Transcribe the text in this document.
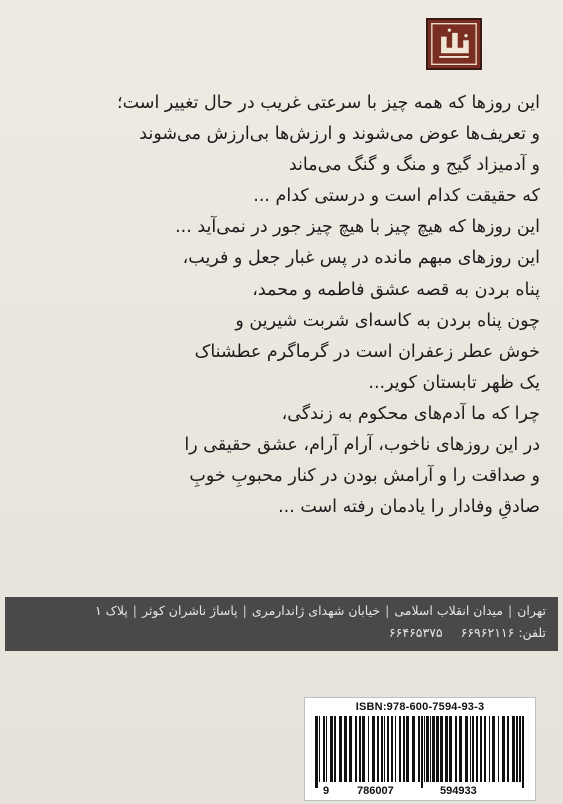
این روزها که همه چیز با سرعتی غریب در حال تغییر است؛
و تعریف‌ها عوض می‌شوند و ارزش‌ها بی‌ارزش می‌شوند
و آدمیزاد گیج و منگ و گنگ می‌ماند
که حقیقت کدام است و درستی کدام ...
این روزها که هیچ چیز با هیچ چیز جور در نمی‌آید ...
این روزهای مبهم مانده در پس غبار جعل و فریب،
پناه بردن به قصه عشق فاطمه و محمد،
چون پناه بردن به کاسه‌ای شربت شیرین و
خوش عطر زعفران است در گرماگرم عطشناک
یک ظهر تابستان کویر...
چرا که ما آدم‌های محکوم به زندگی،
در این روزهای ناخوب، آرام آرام، عشق حقیقی را
و صداقت را و آرامش بودن در کنار محبوبِ خوبِ
صادقِ وفادار را یادمان رفته است ...
تهران|میدان انقلاب اسلامی|خیابان شهدای ژاندارمری|پاساژ ناشران کوثر|پلاک ۱
تلفن: ۶۶۹۶۲۱۱۶ ۶۶۴۶۵۳۷۵
ISBN:978-600-7594-93-3
9	786007	594933
